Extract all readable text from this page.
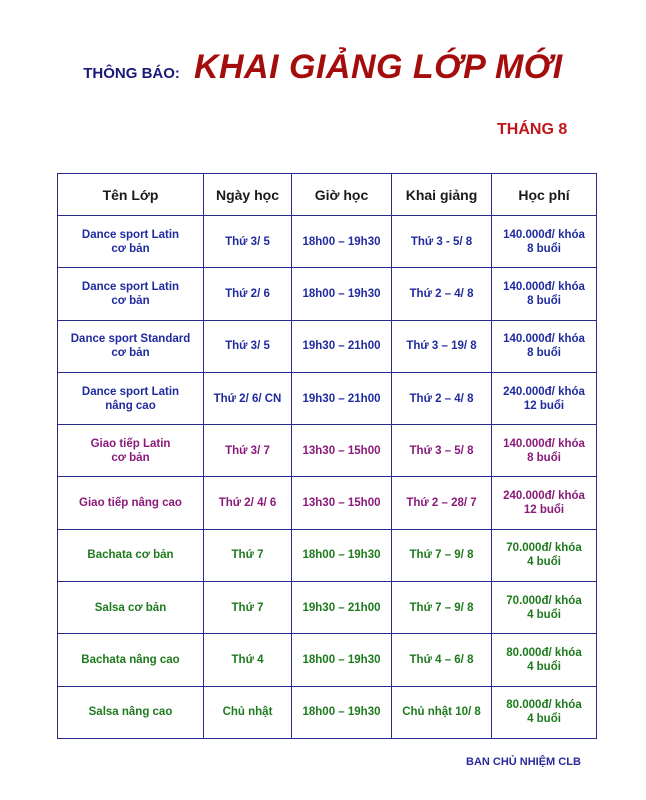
THÔNG BÁO: KHAI GIẢNG LỚP MỚI
THÁNG 8
Tên Lớp	Ngày học	Giờ học	Khai giảng	Học phí

Dance sport Latin
cơ bản	Thứ 3/ 5	18h00 – 19h30	Thứ 3 - 5/ 8	140.000đ/ khóa
8 buổi

Dance sport Latin
cơ bản	Thứ 2/ 6	18h00 – 19h30	Thứ 2 – 4/ 8	140.000đ/ khóa
8 buổi

Dance sport Standard
cơ bản	Thứ 3/ 5	19h30 – 21h00	Thứ 3 – 19/ 8	140.000đ/ khóa
8 buổi

Dance sport Latin
nâng cao	Thứ 2/ 6/ CN	19h30 – 21h00	Thứ 2 – 4/ 8	240.000đ/ khóa
12 buổi

Giao tiếp Latin
cơ bản	Thứ 3/ 7	13h30 – 15h00	Thứ 3 – 5/ 8	140.000đ/ khóa
8 buổi

Giao tiếp nâng cao	Thứ 2/ 4/ 6	13h30 – 15h00	Thứ 2 – 28/ 7	240.000đ/ khóa
12 buổi

Bachata cơ bản	Thứ 7	18h00 – 19h30	Thứ 7 – 9/ 8	70.000đ/ khóa
4 buổi

Salsa cơ bản	Thứ 7	19h30 – 21h00	Thứ 7 – 9/ 8	70.000đ/ khóa
4 buổi

Bachata nâng cao	Thứ 4	18h00 – 19h30	Thứ 4 – 6/ 8	80.000đ/ khóa
4 buổi

Salsa nâng cao	Chủ nhật	18h00 – 19h30	Chủ nhật 10/ 8	80.000đ/ khóa
4 buổi
BAN CHỦ NHIỆM CLB
